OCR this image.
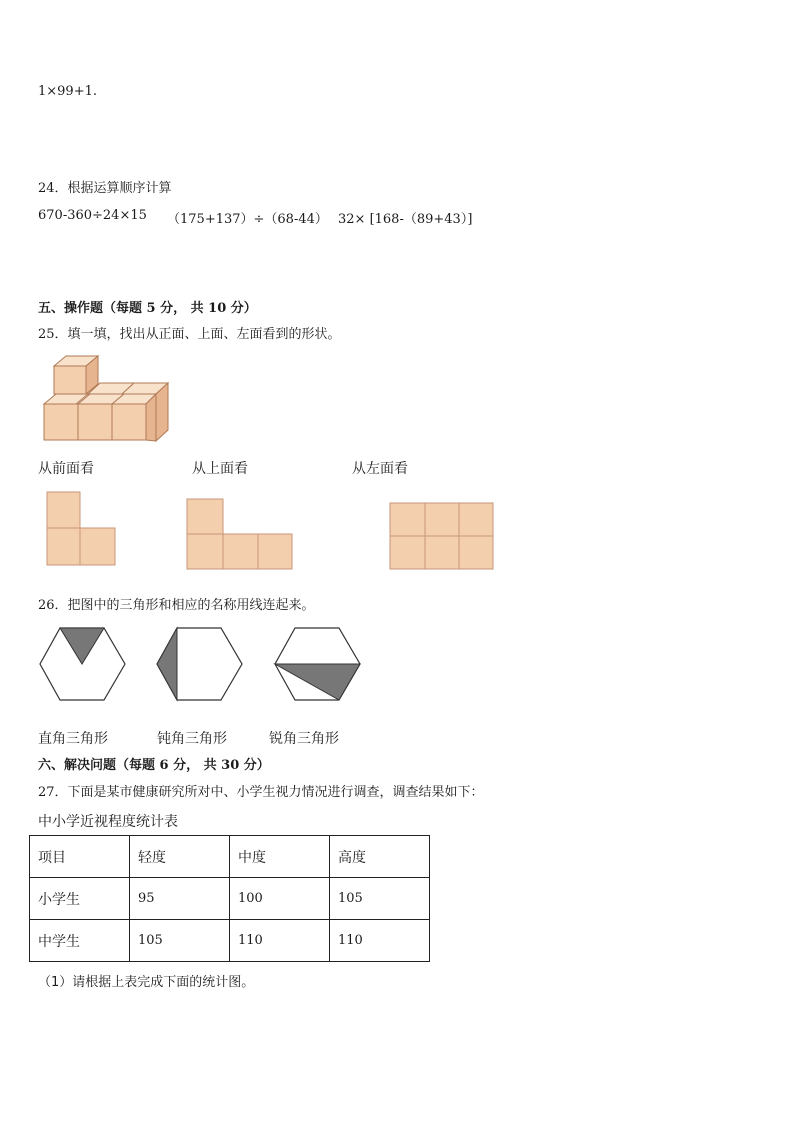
1×99+1.
24．根据运算顺序计算
670-360÷24×15 （175+137）÷（68-44） 32× [168-（89+43）]
五、操作题（每题 5 分， 共 10 分）
25．填一填，找出从正面、上面、左面看到的形状。
从前面看	从上面看	从左面看
26．把图中的三角形和相应的名称用线连起来。
直角三角形	钝角三角形	锐角三角形
六、解决问题（每题 6 分， 共 30 分）
27．下面是某市健康研究所对中、小学生视力情况进行调查，调查结果如下：
中小学近视程度统计表
项目	轻度	中度	高度
小学生	95	100	105
中学生	105	110	110
（1）请根据上表完成下面的统计图。
